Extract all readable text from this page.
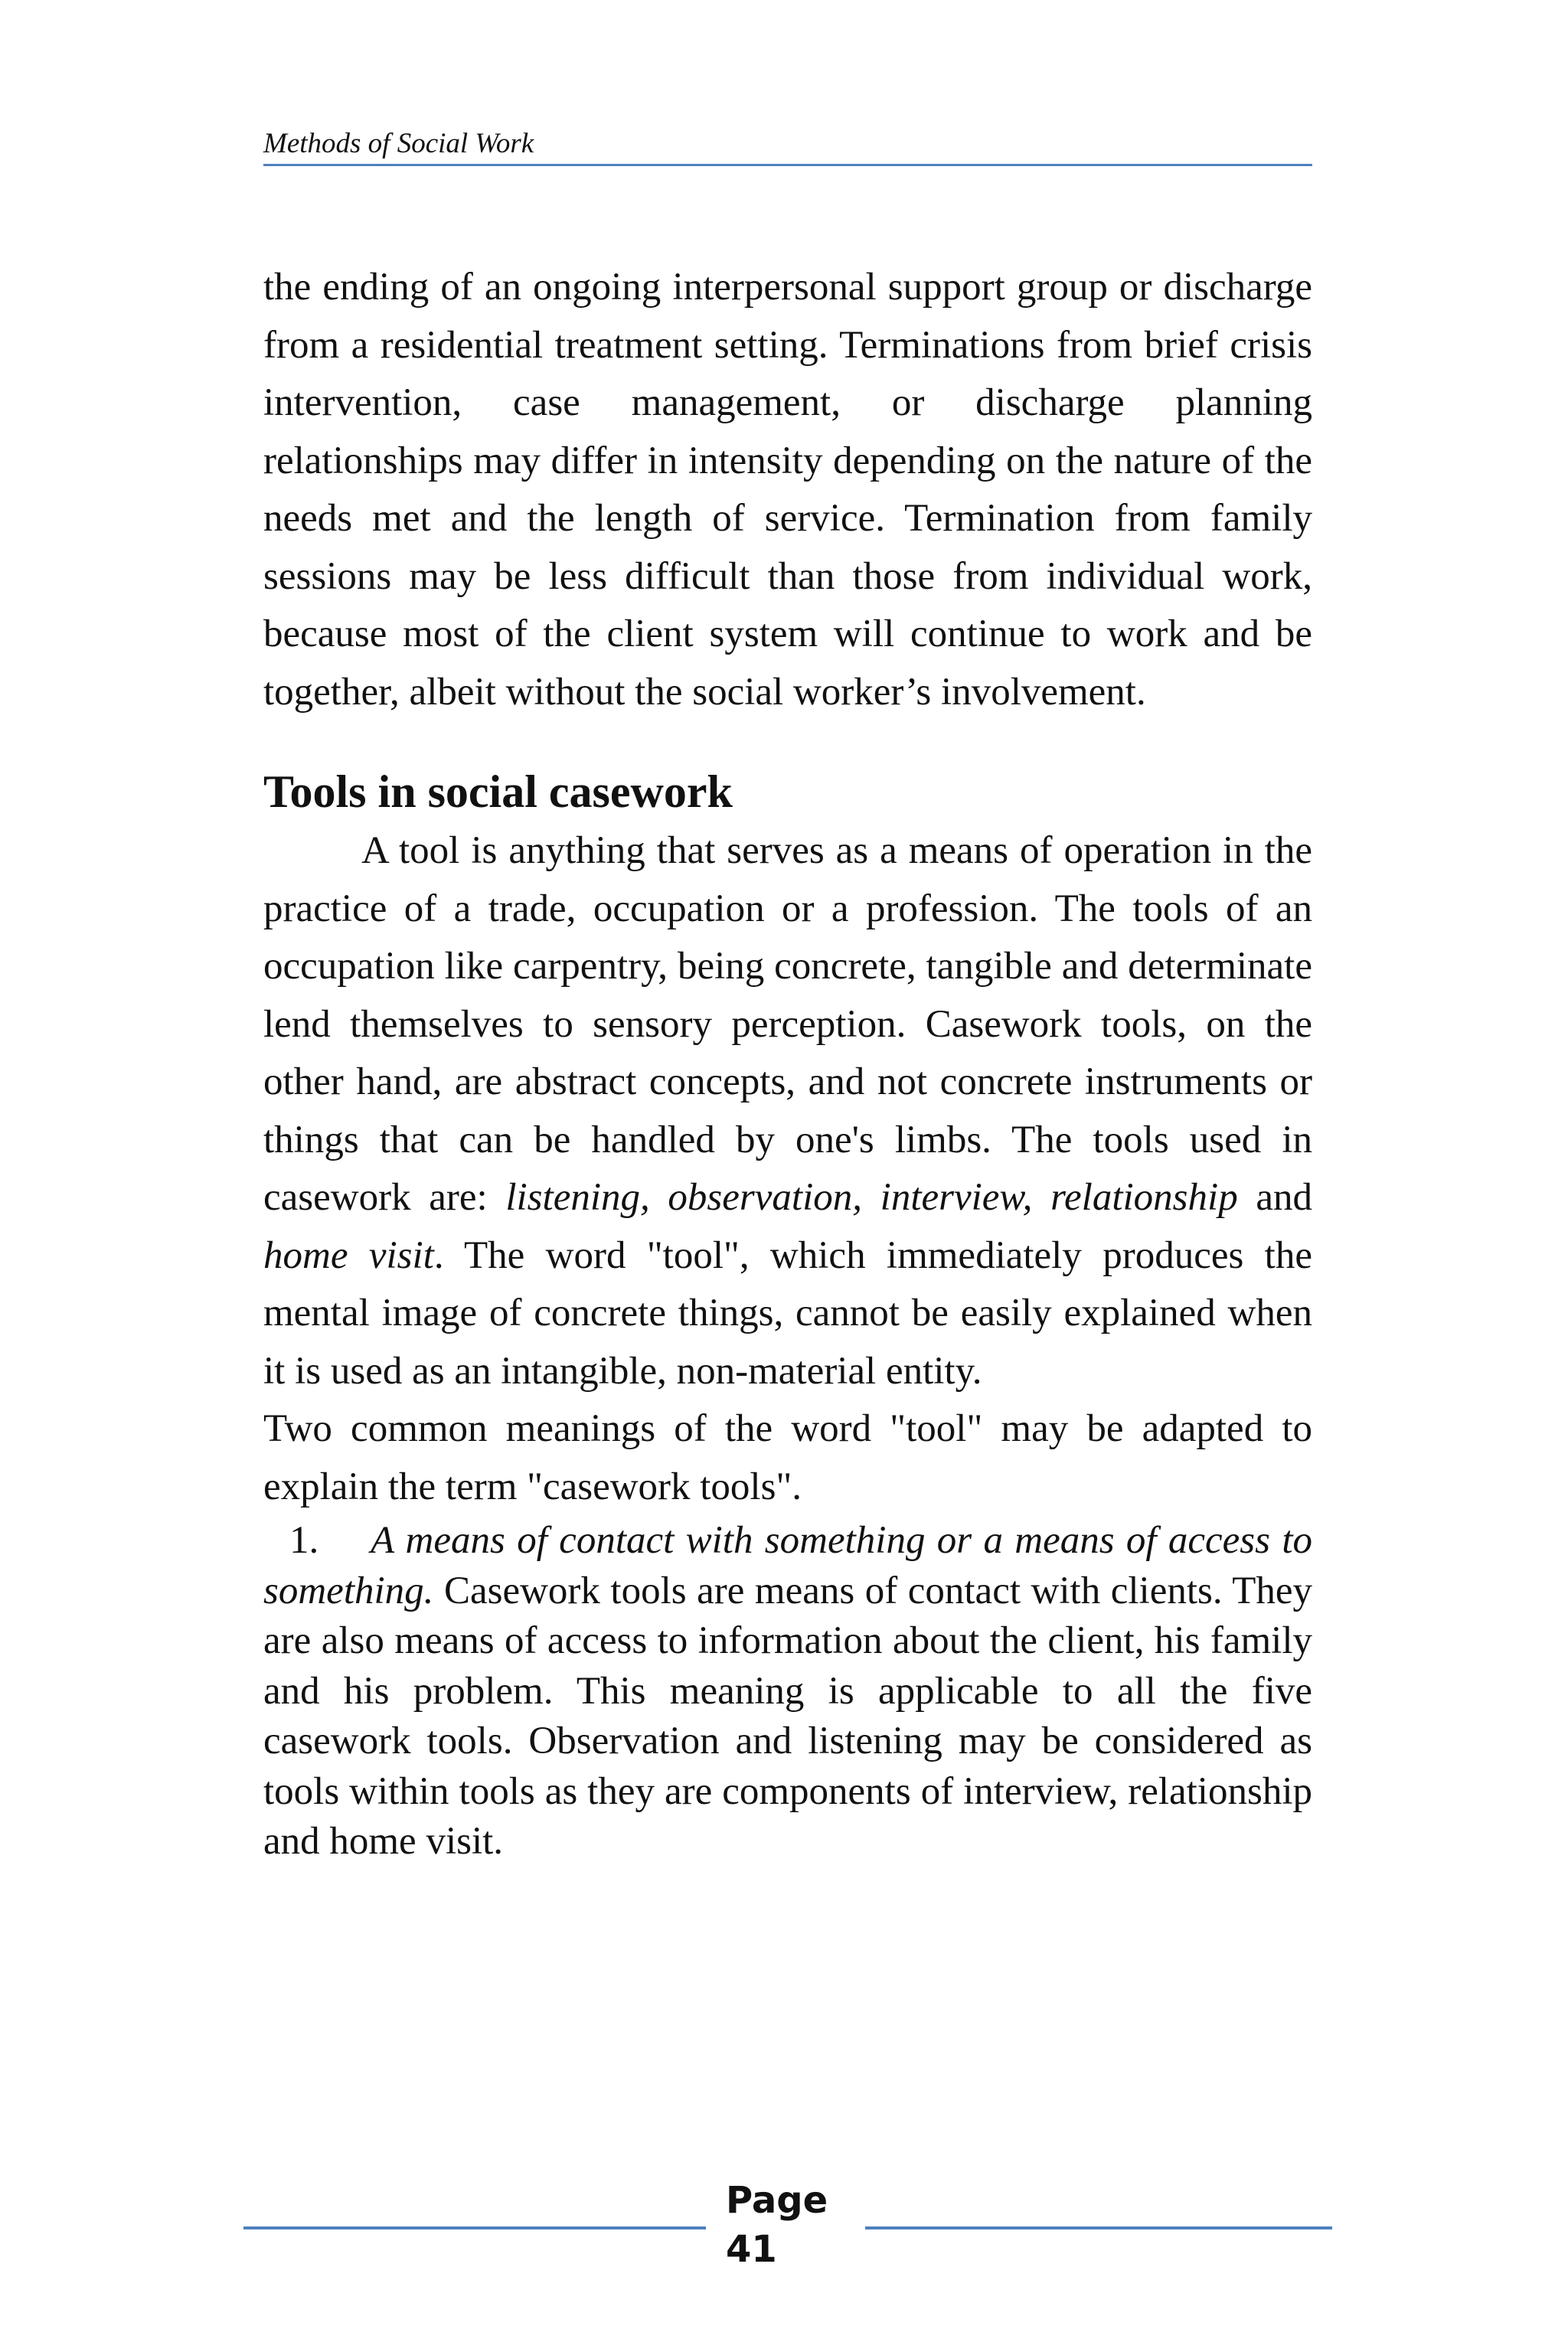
Methods of Social Work

the ending of an ongoing interpersonal support group or discharge from a residential treatment setting. Terminations from brief crisis intervention, case management, or discharge planning relationships may differ in intensity depending on the nature of the needs met and the length of service. Termination from family sessions may be less difficult than those from individual work, because most of the client system will continue to work and be together, albeit without the social worker’s involvement.

Tools in social casework

A tool is anything that serves as a means of operation in the practice of a trade, occupation or a profession. The tools of an occupation like carpentry, being concrete, tangible and determinate lend themselves to sensory perception. Casework tools, on the other hand, are abstract concepts, and not concrete instruments or things that can be handled by one's limbs. The tools used in casework are: listening, observation, interview, relationship and home visit. The word "tool", which immediately produces the mental image of concrete things, cannot be easily explained when it is used as an intangible, non-material entity.

Two common meanings of the word "tool" may be adapted to explain the term "casework tools".

1. A means of contact with something or a means of access to something. Casework tools are means of contact with clients. They are also means of access to information about the client, his family and his problem. This meaning is applicable to all the five casework tools. Observation and listening may be considered as tools within tools as they are components of interview, relationship and home visit.

Page
41
